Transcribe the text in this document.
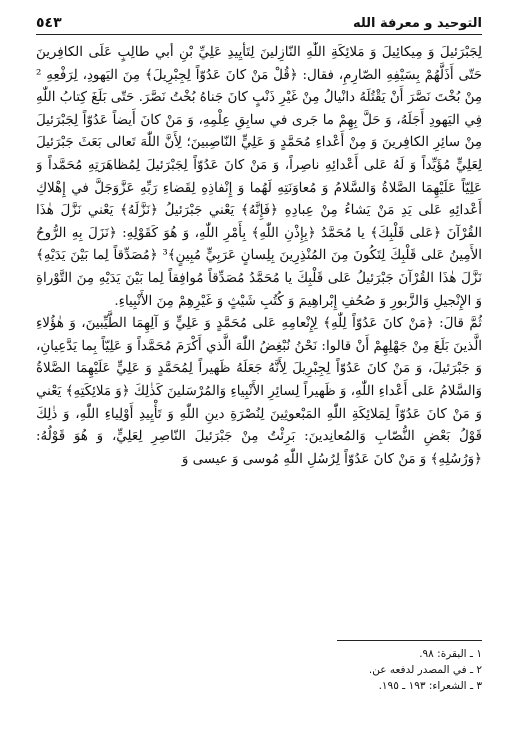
٥٤٣	التوحيد و معرفة الله

لِجَبْرَئيلَ وَ مِيكائِيلَ وَ مَلائِكَةِ اللّٰهِ النّازِلينَ لِتَأْيِيدِ عَلِيِّ بْنِ أَبي طالِبٍ عَلَى الكافِرينَ حَتّى أَذَلَّهُمْ بِسَيْفِهِ الصّارِمِ، فقال: ﴿قُلْ مَنْ كانَ عَدُوّاً لِجِبْرِيلَ﴾ مِنَ اليَهودِ، لِرَفْعِهِ ² مِنْ بُخْتَ نَصَّرَ أَنْ يَقْتُلَهُ دانْيالُ مِنْ غَيْرِ ذَنْبٍ كانَ جَناهُ بُخْتُ نَصَّرَ. حَتّى بَلَغَ كِتابُ اللّٰهِ فِي اليَهودِ أَجَلَهُ، وَ حَلَّ بِهِمْ ما جَرى في سابِقِ عِلْمِهِ، وَ مَنْ كانَ أَيضاً عَدُوّاً لِجَبْرَئيلَ مِنْ سائِرِ الكافِرينَ وَ مِنْ أَعْداءِ مُحَمَّدٍ وَ عَلِيٍّ النّاصِبينَ؛ لِأَنَّ اللّٰهَ تَعالى بَعَثَ جَبْرَئيلَ لِعَلِيٍّ مُؤَيِّداً وَ لَهُ عَلى أَعْدائِهِ ناصِراً، وَ مَنْ كانَ عَدُوّاً لِجَبْرَئيلَ لِمُظاهَرَتِهِ مُحَمَّداً وَ عَلِيّاً عَلَيْهِمَا الصَّلاةُ وَالسَّلامُ وَ مُعاوَنَتِهِ لَهُما وَ إِنْفاذِهِ لِقَضاءِ رَبِّهِ عَزَّوَجَلَّ في إِهْلاكِ أَعْدائِهِ عَلى يَدِ مَنْ يَشاءُ مِنْ عِبادِهِ ﴿فَإِنَّهُ﴾ يَعْني جَبْرَئيلُ ﴿نَزَّلَهُ﴾ يَعْني نَزَّلَ هٰذَا القُرْآنَ ﴿عَلى قَلْبِكَ﴾ يا مُحَمَّدُ ﴿بِإِذْنِ اللّٰهِ﴾ بِأَمْرِ اللّٰهِ، وَ هُوَ كَقَوْلِهِ: ﴿نَزَلَ بِهِ الرُّوحُ الأَمِينُ عَلى قَلْبِكَ لِتَكُونَ مِنَ المُنْذِرِينَ بِلِسانٍ عَرَبِيٍّ مُبِينٍ﴾³ ﴿مُصَدِّقاً لِما بَيْنَ يَدَيْهِ﴾ نَزَّلَ هٰذَا القُرْآنَ جَبْرَئيلُ عَلى قَلْبِكَ يا مُحَمَّدُ مُصَدِّقاً مُوافِقاً لِما بَيْنَ يَدَيْهِ مِنَ التَّوْراةِ وَ الإِنْجيلِ وَالزَّبورِ وَ صُحُفِ إِبْراهِيمَ وَ كُتُبِ شَيْثٍ وَ غَيْرِهِمْ مِنَ الأَنْبِياءِ.

ثُمَّ قالَ: ﴿مَنْ كانَ عَدُوّاً لِلّٰهِ﴾ لِإِنْعامِهِ عَلى مُحَمَّدٍ وَ عَلِيٍّ وَ آلِهِمَا الطَّيِّبينَ، وَ هٰؤُلاءِ الَّذينَ بَلَغَ مِنْ جَهْلِهِمْ أَنْ قالوا: نَحْنُ نُبْغِضُ اللّٰهَ الَّذي أَكْرَمَ مُحَمَّداً وَ عَلِيّاً بِما يَدَّعِيانِ، وَ جَبْرَئيلَ، وَ مَنْ كانَ عَدُوّاً لِجِبْرِيلَ لِأَنَّهُ جَعَلَهُ ظَهيراً لِمُحَمَّدٍ وَ عَلِيٍّ عَلَيْهِمَا الصَّلاةُ وَالسَّلامُ عَلى أَعْداءِ اللّٰهِ، وَ ظَهيراً لِسائِرِ الأَنْبِياءِ وَالمُرْسَلينَ كَذٰلِكَ ﴿وَ مَلائِكَتِهِ﴾ يَعْني وَ مَنْ كانَ عَدُوّاً لِمَلائِكَةِ اللّٰهِ المَبْعوثِينَ لِنُصْرَةِ دينِ اللّٰهِ وَ تَأْيِيدِ أَوْلِياءِ اللّٰهِ، وَ ذٰلِكَ قَوْلُ بَعْضِ النُّصّابِ وَالمُعانِدينَ: بَرِئْتُ مِنْ جَبْرَئيلَ النّاصِرِ لِعَلِيٍّ، وَ هُوَ قَوْلُهُ: ﴿وَرُسُلِهِ﴾ وَ مَنْ كانَ عَدُوّاً لِرُسُلِ اللّٰهِ مُوسى وَ عيسى وَ

١ ـ البقرة: ٩٨.
٢ ـ في المصدر لدفعه عن.
٣ ـ الشعراء: ١٩٣ ـ ١٩٥.
